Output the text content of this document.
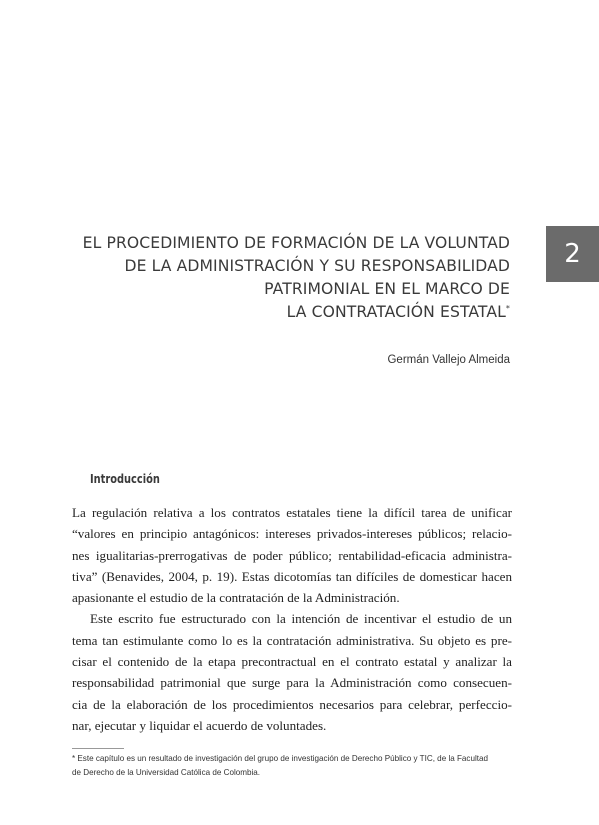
2
EL PROCEDIMIENTO DE FORMACIÓN DE LA VOLUNTAD
DE LA ADMINISTRACIÓN Y SU RESPONSABILIDAD
PATRIMONIAL EN EL MARCO DE
LA CONTRATACIÓN ESTATAL*
Germán Vallejo Almeida
Introducción

La regulación relativa a los contratos estatales tiene la difícil tarea de unificar
“valores en principio antagónicos: intereses privados-intereses públicos; relacio-
nes igualitarias-prerrogativas de poder público; rentabilidad-eficacia administra-
tiva” (Benavides, 2004, p. 19). Estas dicotomías tan difíciles de domesticar hacen
apasionante el estudio de la contratación de la Administración.

Este escrito fue estructurado con la intención de incentivar el estudio de un
tema tan estimulante como lo es la contratación administrativa. Su objeto es pre-
cisar el contenido de la etapa precontractual en el contrato estatal y analizar la
responsabilidad patrimonial que surge para la Administración como consecuen-
cia de la elaboración de los procedimientos necesarios para celebrar, perfeccio-
nar, ejecutar y liquidar el acuerdo de voluntades.

* Este capítulo es un resultado de investigación del grupo de investigación de Derecho Público y TIC, de la Facultad
de Derecho de la Universidad Católica de Colombia.
